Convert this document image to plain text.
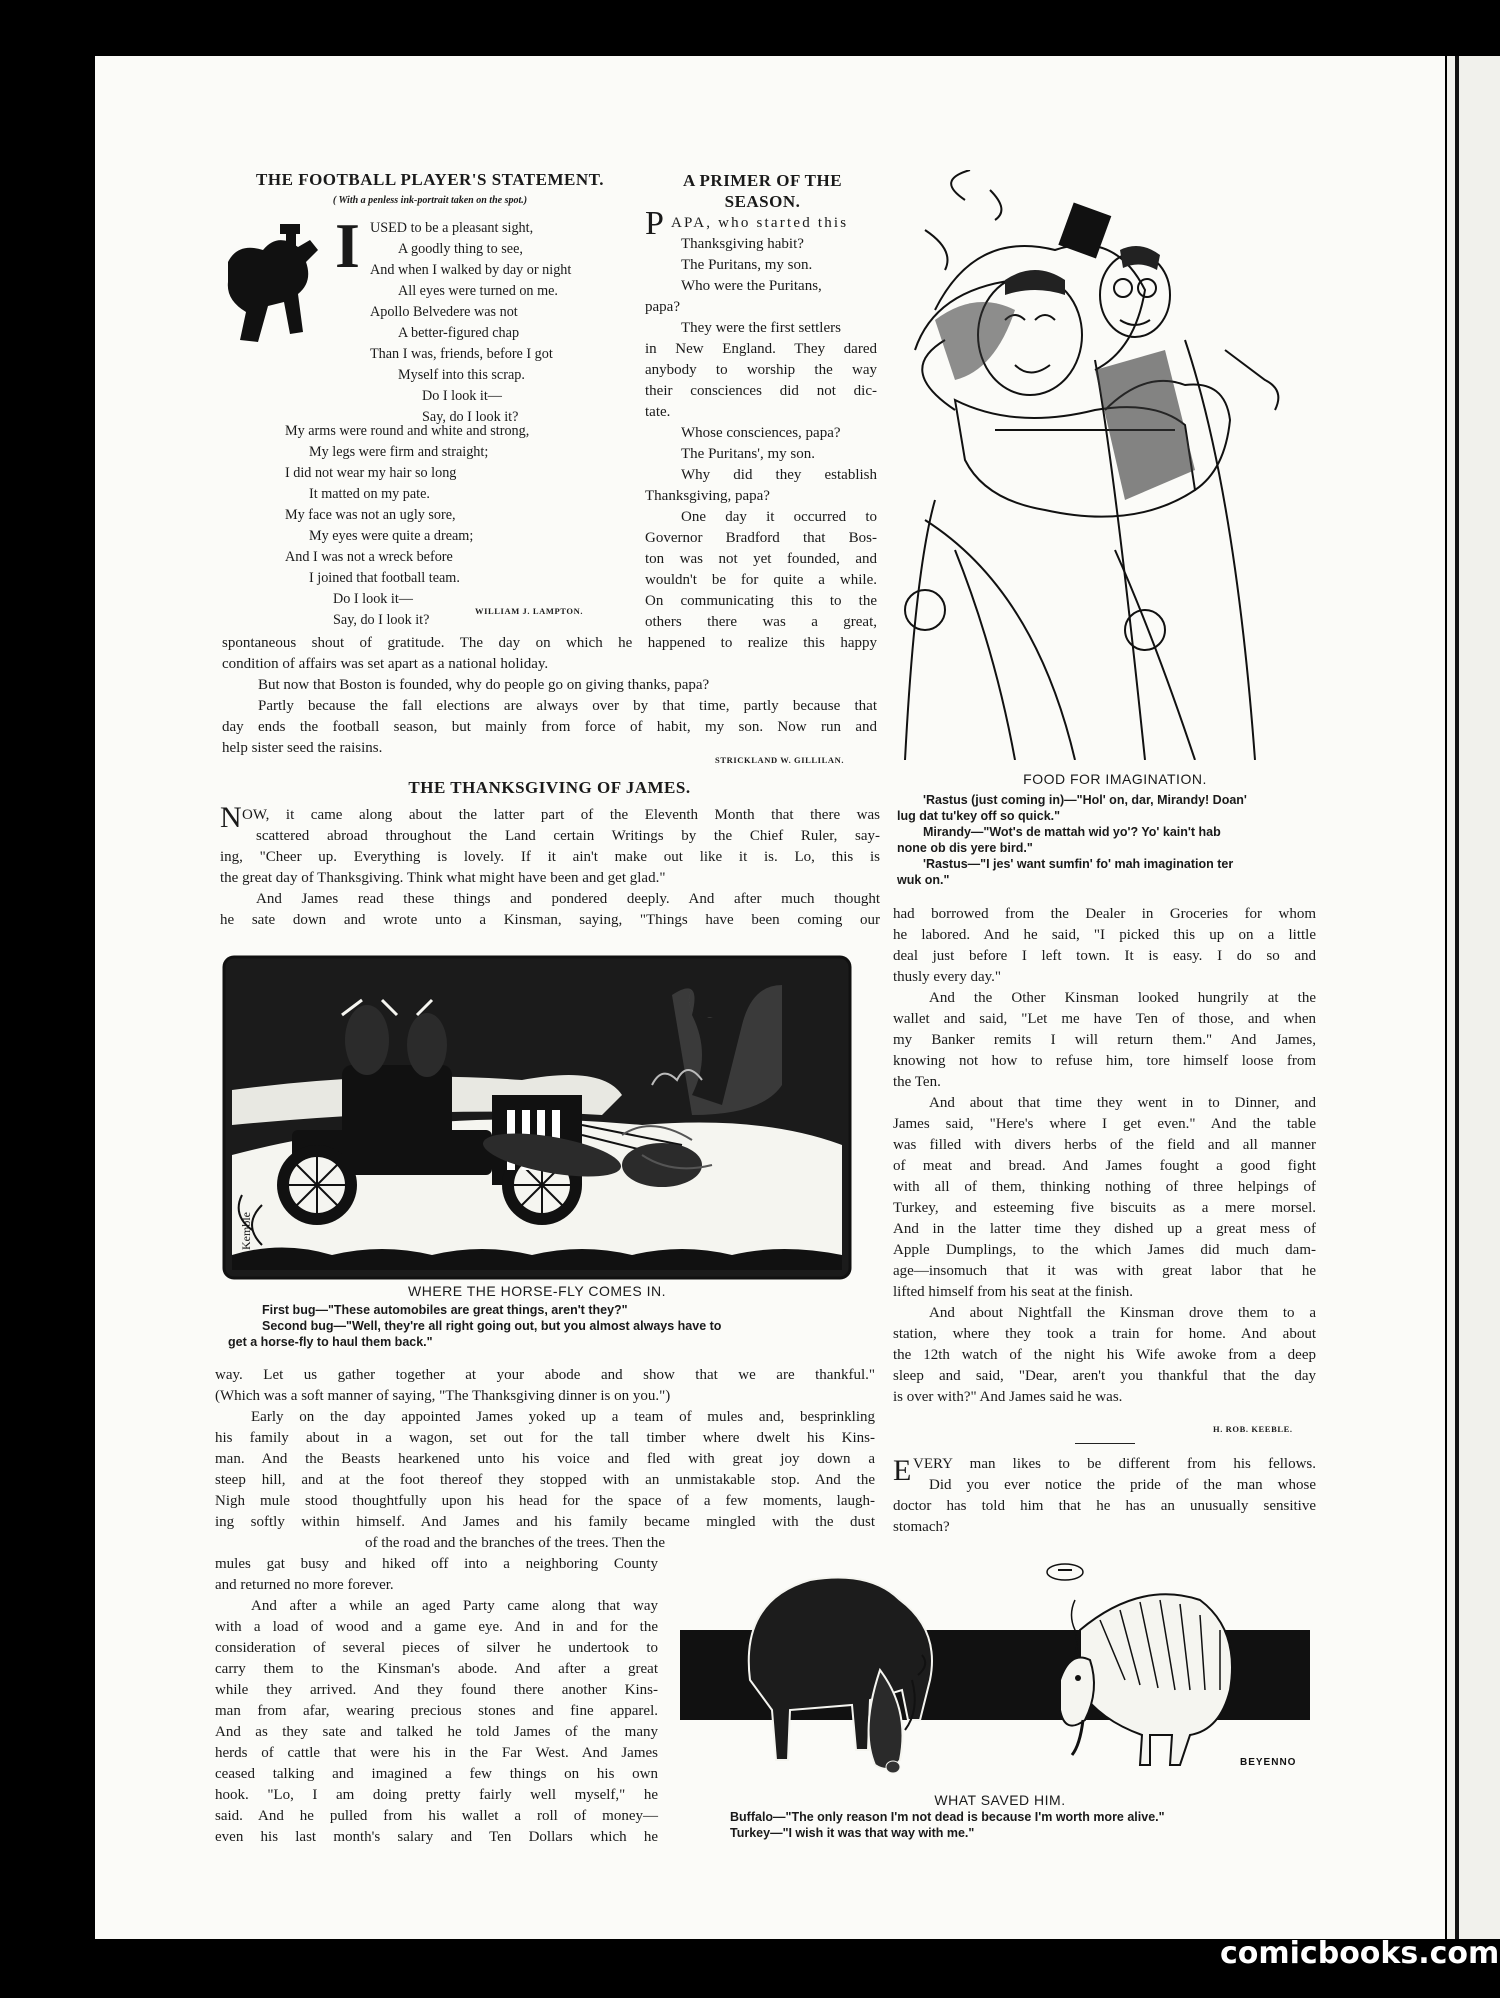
THE FOOTBALL PLAYER'S STATEMENT.
( With a penless ink-portrait taken on the spot.)
I USED to be a pleasant sight,
A goodly thing to see,
And when I walked by day or night
All eyes were turned on me.
Apollo Belvedere was not
A better-figured chap
Than I was, friends, before I got
Myself into this scrap.
Do I look it—
Say, do I look it?
My arms were round and white and strong,
My legs were firm and straight;
I did not wear my hair so long
It matted on my pate.
My face was not an ugly sore,
My eyes were quite a dream;
And I was not a wreck before
I joined that football team.
Do I look it—
Say, do I look it?
WILLIAM J. LAMPTON.
A PRIMER OF THE SEASON.
P APA, who started this
Thanksgiving habit?
The Puritans, my son.
Who were the Puritans,
papa?
They were the first settlers
in New England. They dared
anybody to worship the way
their consciences did not dic-
tate.
Whose consciences, papa?
The Puritans', my son.
Why did they establish
Thanksgiving, papa?
One day it occurred to
Governor Bradford that Bos-
ton was not yet founded, and
wouldn't be for quite a while.
On communicating this to the
others there was a great,
spontaneous shout of gratitude. The day on which he happened to realize this happy
condition of affairs was set apart as a national holiday.
But now that Boston is founded, why do people go on giving thanks, papa?
Partly because the fall elections are always over by that time, partly because that
day ends the football season, but mainly from force of habit, my son. Now run and
help sister seed the raisins.
STRICKLAND W. GILLILAN.
FOOD FOR IMAGINATION.
'Rastus (just coming in)—"Hol' on, dar, Mirandy! Doan'
lug dat tu'key off so quick."
Mirandy—"Wot's de mattah wid yo'? Yo' kain't hab
none ob dis yere bird."
'Rastus—"I jes' want sumfin' fo' mah imagination ter
wuk on."
THE THANKSGIVING OF JAMES.
N OW, it came along about the latter part of the Eleventh Month that there was
scattered abroad throughout the Land certain Writings by the Chief Ruler, say-
ing, "Cheer up. Everything is lovely. If it ain't make out like it is. Lo, this is
the great day of Thanksgiving. Think what might have been and get glad."
And James read these things and pondered deeply. And after much thought
he sate down and wrote unto a Kinsman, saying, "Things have been coming our
Kemble
WHERE THE HORSE-FLY COMES IN.
First bug—"These automobiles are great things, aren't they?"
Second bug—"Well, they're all right going out, but you almost always have to
get a horse-fly to haul them back."
way. Let us gather together at your abode and show that we are thankful."
(Which was a soft manner of saying, "The Thanksgiving dinner is on you.")
Early on the day appointed James yoked up a team of mules and, besprinkling
his family about in a wagon, set out for the tall timber where dwelt his Kins-
man. And the Beasts hearkened unto his voice and fled with great joy down a
steep hill, and at the foot thereof they stopped with an unmistakable stop. And the
Nigh mule stood thoughtfully upon his head for the space of a few moments, laugh-
ing softly within himself. And James and his family became mingled with the dust
of the road and the branches of the trees. Then the
mules gat busy and hiked off into a neighboring County
and returned no more forever.
And after a while an aged Party came along that way
with a load of wood and a game eye. And in and for the
consideration of several pieces of silver he undertook to
carry them to the Kinsman's abode. And after a great
while they arrived. And they found there another Kins-
man from afar, wearing precious stones and fine apparel.
And as they sate and talked he told James of the many
herds of cattle that were his in the Far West. And James
ceased talking and imagined a few things on his own
hook. "Lo, I am doing pretty fairly well myself," he
said. And he pulled from his wallet a roll of money—
even his last month's salary and Ten Dollars which he
had borrowed from the Dealer in Groceries for whom
he labored. And he said, "I picked this up on a little
deal just before I left town. It is easy. I do so and
thusly every day."
And the Other Kinsman looked hungrily at the
wallet and said, "Let me have Ten of those, and when
my Banker remits I will return them." And James,
knowing not how to refuse him, tore himself loose from
the Ten.
And about that time they went in to Dinner, and
James said, "Here's where I get even." And the table
was filled with divers herbs of the field and all manner
of meat and bread. And James fought a good fight
with all of them, thinking nothing of three helpings of
Turkey, and esteeming five biscuits as a mere morsel.
And in the latter time they dished up a great mess of
Apple Dumplings, to the which James did much dam-
age—insomuch that it was with great labor that he
lifted himself from his seat at the finish.
And about Nightfall the Kinsman drove them to a
station, where they took a train for home. And about
the 12th watch of the night his Wife awoke from a deep
sleep and said, "Dear, aren't you thankful that the day
is over with?" And James said he was.
H. ROB. KEEBLE.
E VERY man likes to be different from his fellows.
Did you ever notice the pride of the man whose
doctor has told him that he has an unusually sensitive
stomach?
BEYENNO
WHAT SAVED HIM.
Buffalo—"The only reason I'm not dead is because I'm worth more alive."
Turkey—"I wish it was that way with me."
comicbooks.com
